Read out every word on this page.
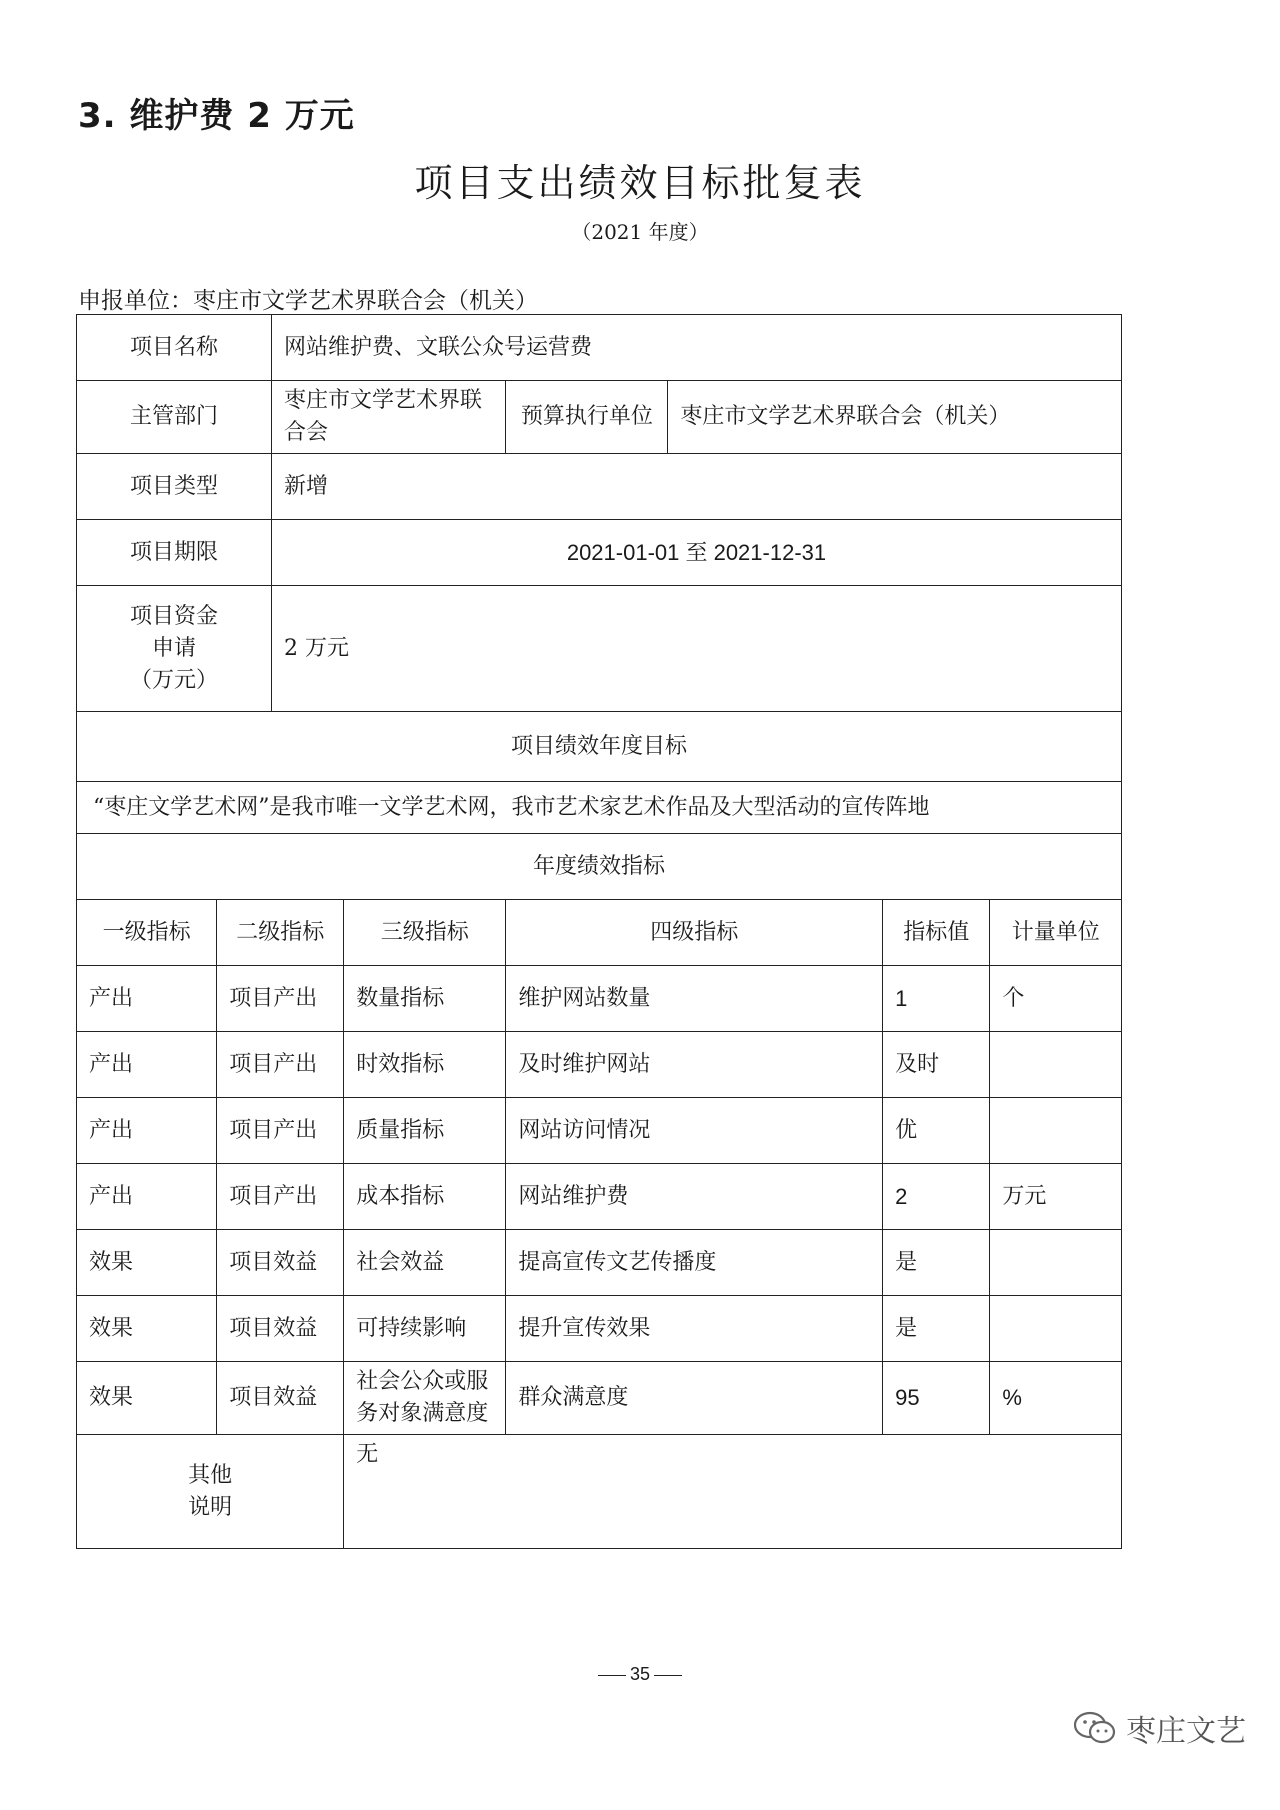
3. 维护费 2 万元
项目支出绩效目标批复表
（2021 年度）
申报单位：枣庄市文学艺术界联合会（机关）
项目名称		网站维护费、文联公众号运营费					
主管部门		枣庄市文学艺术界联合会		预算执行单位	枣庄市文学艺术界联合会（机关）		
项目类型		新增					
项目期限		2021-01-01 至 2021-12-31					

项目资金
申请
（万元）		2 万元					
项目绩效年度目标							
“枣庄文学艺术网”是我市唯一文学艺术网，我市艺术家艺术作品及大型活动的宣传阵地							
年度绩效指标							
一级指标	二级指标		三级指标	四级指标		指标值	计量单位
产出	项目产出		数量指标	维护网站数量		1	个
产出	项目产出		时效指标	及时维护网站		及时	
产出	项目产出		质量指标	网站访问情况		优	
产出	项目产出		成本指标	网站维护费		2	万元
效果	项目效益		社会效益	提高宣传文艺传播度		是	
效果	项目效益		可持续影响	提升宣传效果		是	
效果	项目效益		社会公众或服务对象满意度	群众满意度		95	%

其他
说明			无				
35
枣庄文艺
